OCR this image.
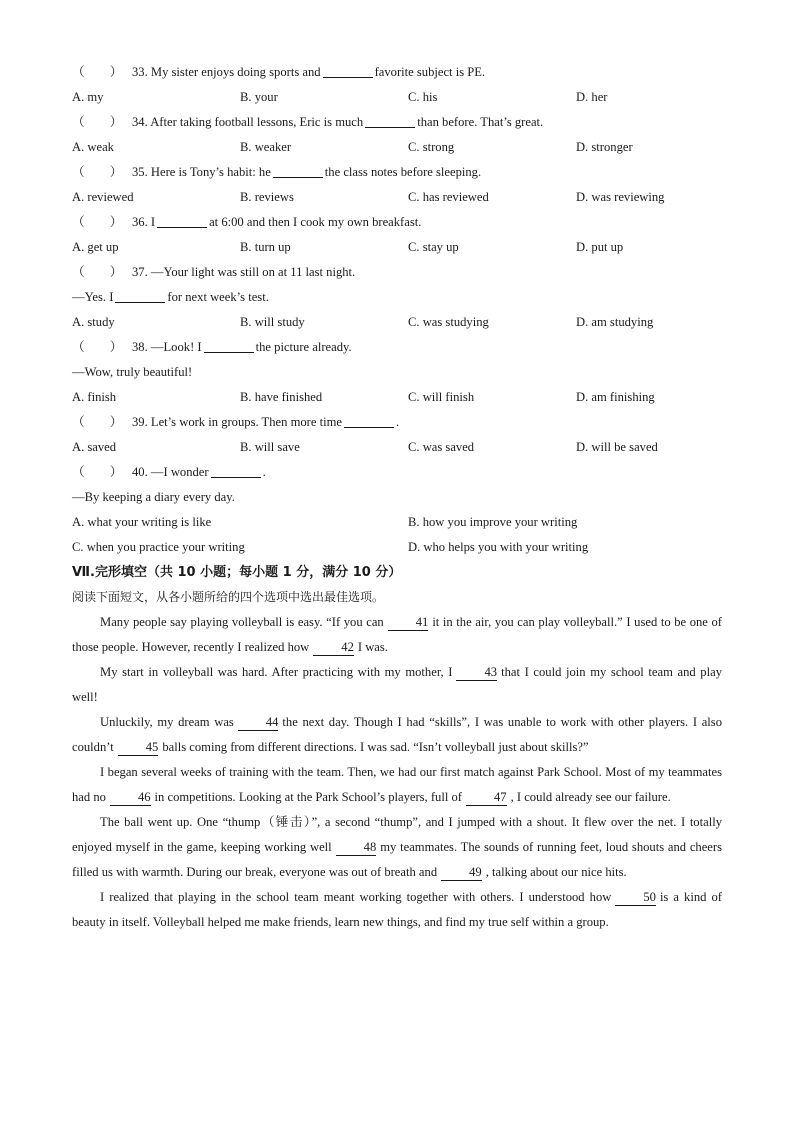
（　　） 33. My sister enjoys doing sports and	favorite subject is PE.
A. my	B. your	C. his	D. her
（　　） 34. After taking football lessons, Eric is much	than before. That’s great.
A. weak	B. weaker	C. strong	D. stronger
（　　） 35. Here is Tony’s habit: he	the class notes before sleeping.
A. reviewed	B. reviews	C. has reviewed	D. was reviewing
（　　） 36. I	at 6:00 and then I cook my own breakfast.
A. get up	B. turn up	C. stay up	D. put up
（　　） 37. —Your light was still on at 11 last night.
—Yes. I	for next week’s test.
A. study	B. will study	C. was studying	D. am studying
（　　） 38. —Look! I	the picture already.
—Wow, truly beautiful!
A. finish	B. have finished	C. will finish	D. am finishing
（　　） 39. Let’s work in groups. Then more time	.
A. saved	B. will save	C. was saved	D. will be saved
（　　） 40. —I wonder	.
—By keeping a diary every day.
A. what your writing is like	B. how you improve your writing
C. when you practice your writing	D. who helps you with your writing
Ⅶ.完形填空（共 10 小题；每小题 1 分，满分 10 分）
阅读下面短文，从各小题所给的四个选项中选出最佳选项。

Many people say playing volleyball is easy. “If you can	41 it in the air, you can play volleyball.” I used to be one of those people. However, recently I realized how	42 I was.

My start in volleyball was hard. After practicing with my mother, I	43 that I could join my school team and play well!

Unluckily, my dream was	44 the next day. Though I had “skills”, I was unable to work with other players. I also couldn’t	45 balls coming from different directions. I was sad. “Isn’t volleyball just about skills?”

I began several weeks of training with the team. Then, we had our first match against Park School. Most of my teammates had no	46 in competitions. Looking at the Park School’s players, full of	47 , I could already see our failure.

The ball went up. One “thump（锤击）”, a second “thump”, and I jumped with a shout. It flew over the net. I totally enjoyed myself in the game, keeping working well	48 my teammates. The sounds of running feet, loud shouts and cheers filled us with warmth. During our break, everyone was out of breath and	49 , talking about our nice hits.

I realized that playing in the school team meant working together with others. I understood how	50 is a kind of beauty in itself. Volleyball helped me make friends, learn new things, and find my true self within a group.
